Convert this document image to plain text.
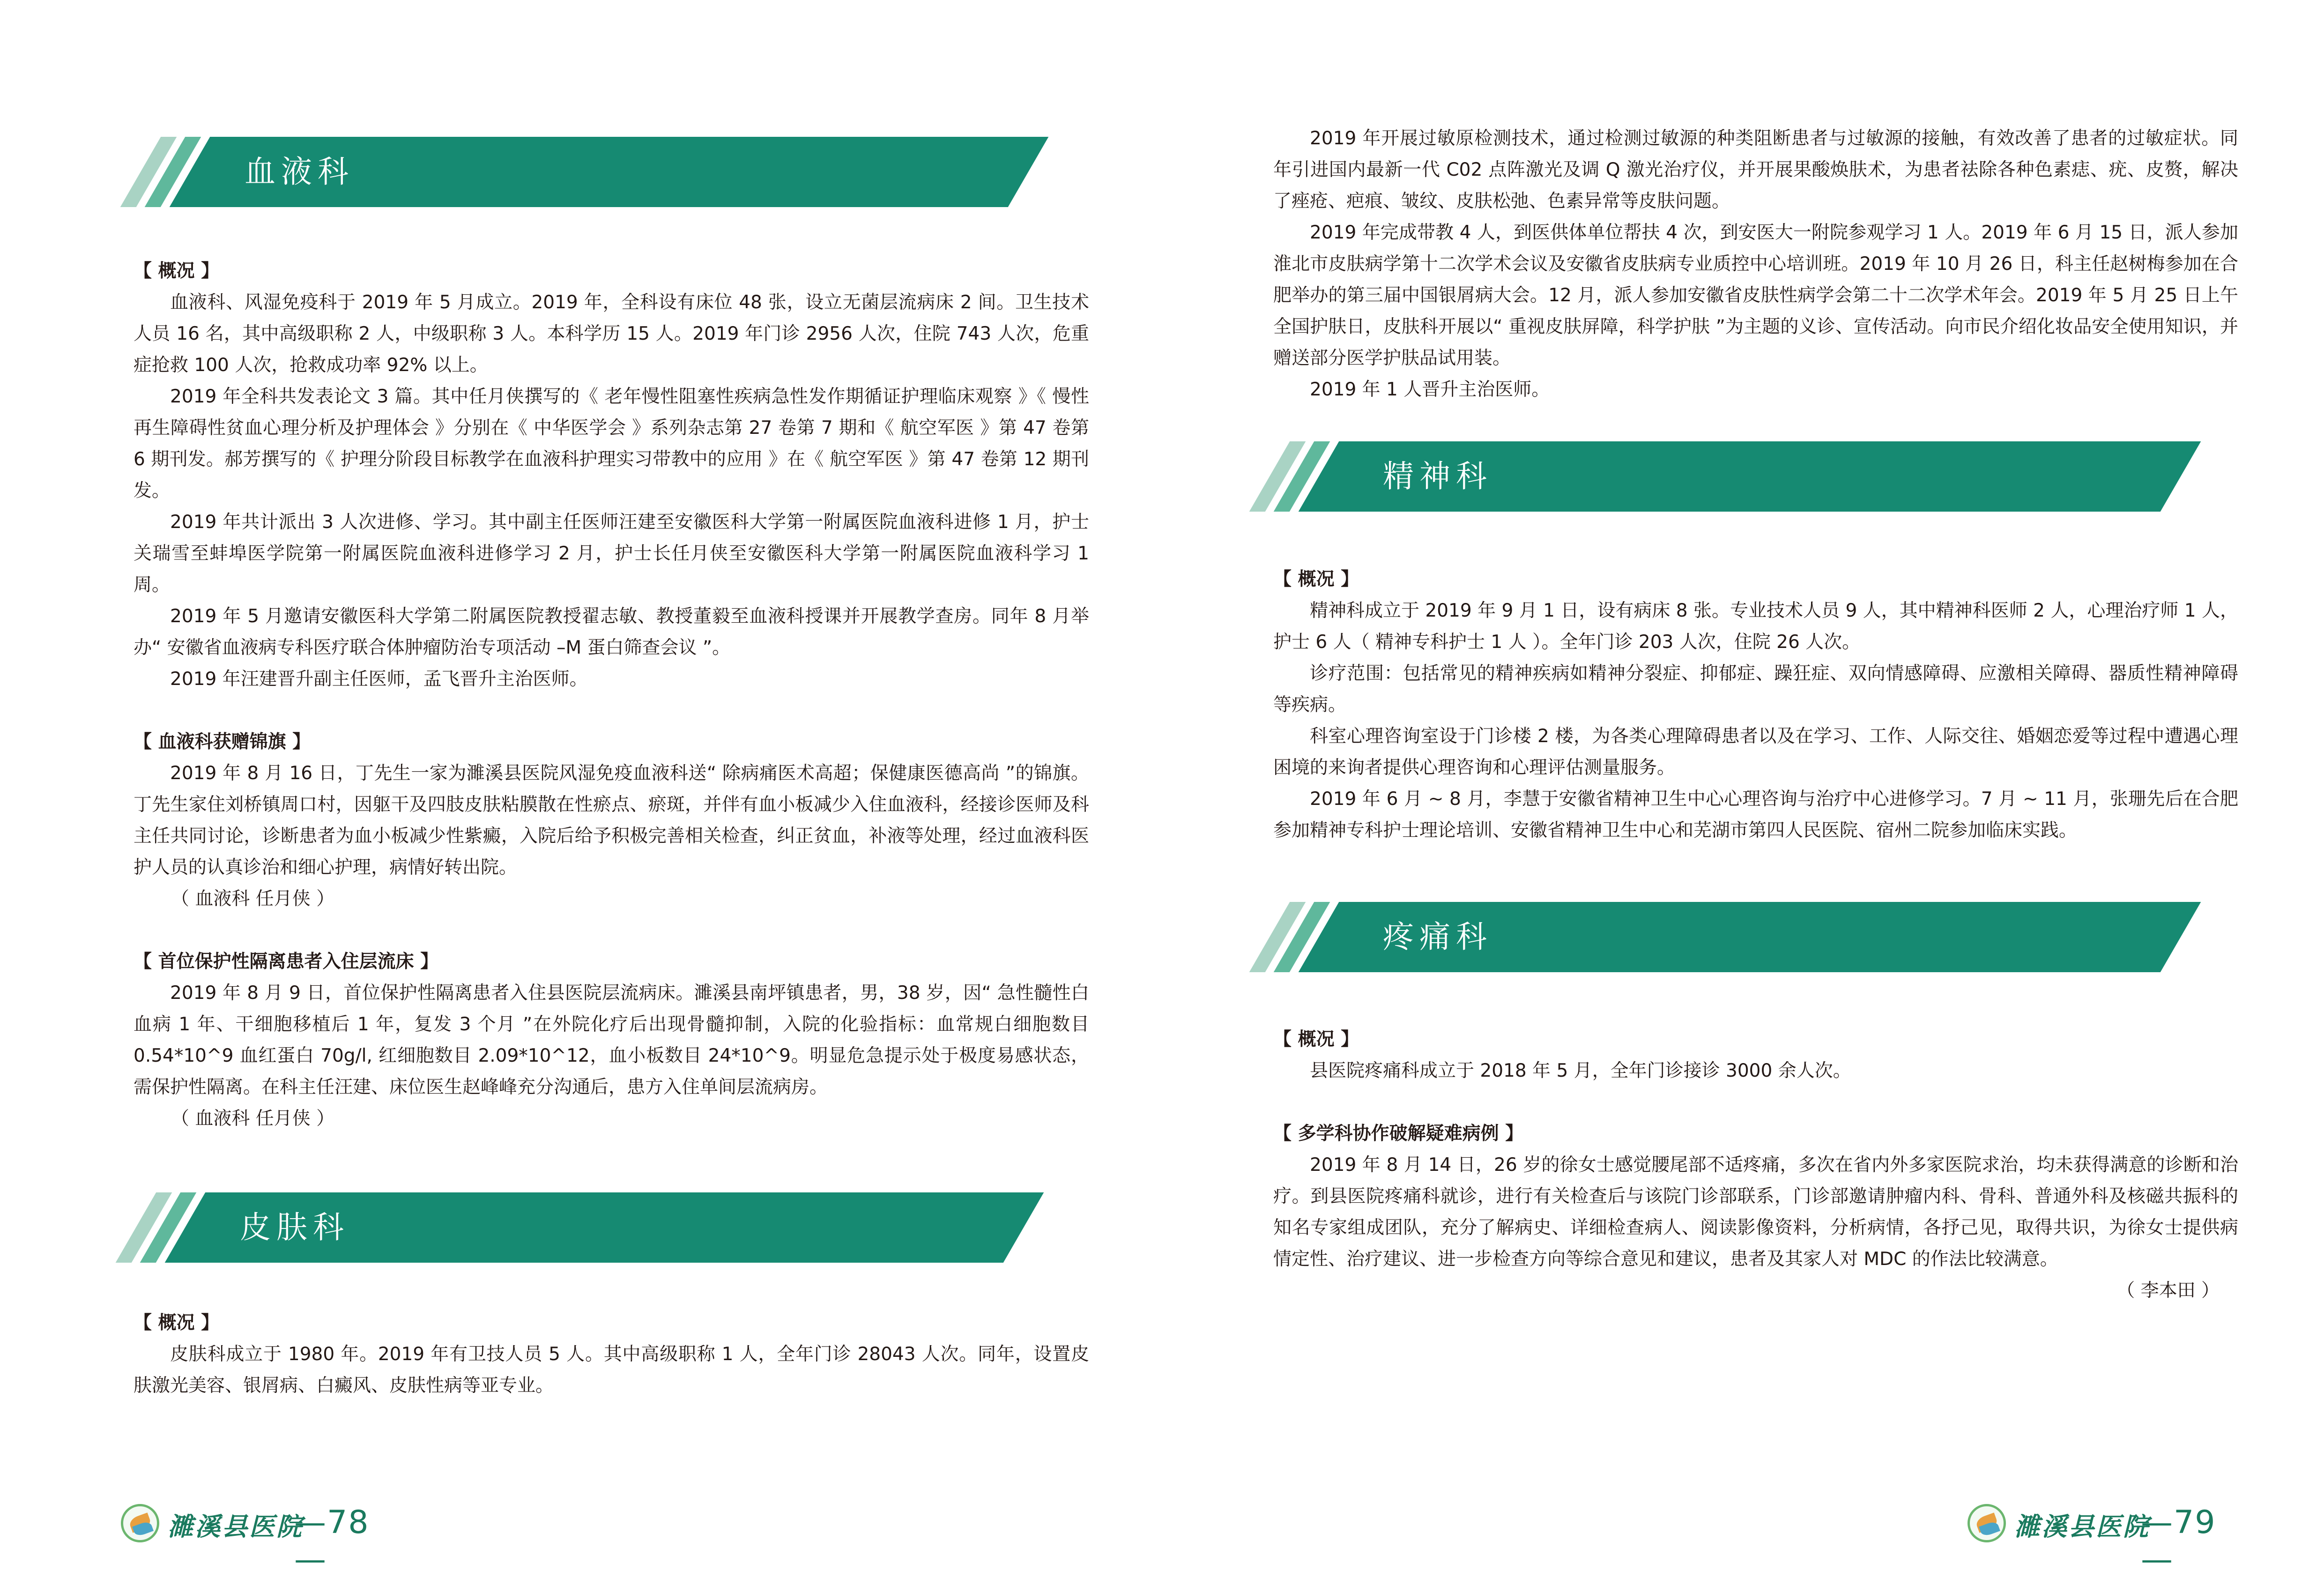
血液科

【 概况 】

血液科、风湿免疫科于 2019 年 5 月成立。2019 年，全科设有床位 48 张，设立无菌层流病床 2 间。卫生技术人员 16 名，其中高级职称 2 人，中级职称 3 人。本科学历 15 人。2019 年门诊 2956 人次，住院 743 人次，危重症抢救 100 人次，抢救成功率 92% 以上。

2019 年全科共发表论文 3 篇。其中任月侠撰写的《 老年慢性阻塞性疾病急性发作期循证护理临床观察 》《 慢性再生障碍性贫血心理分析及护理体会 》分别在《 中华医学会 》系列杂志第 27 卷第 7 期和《 航空军医 》第 47 卷第 6 期刊发。郝芳撰写的《 护理分阶段目标教学在血液科护理实习带教中的应用 》在《 航空军医 》第 47 卷第 12 期刊发。

2019 年共计派出 3 人次进修、学习。其中副主任医师汪建至安徽医科大学第一附属医院血液科进修 1 月，护士关瑞雪至蚌埠医学院第一附属医院血液科进修学习 2 月，护士长任月侠至安徽医科大学第一附属医院血液科学习 1 周。

2019 年 5 月邀请安徽医科大学第二附属医院教授翟志敏、教授董毅至血液科授课并开展教学查房。同年 8 月举办“ 安徽省血液病专科医疗联合体肿瘤防治专项活动 –M 蛋白筛查会议 ”。

2019 年汪建晋升副主任医师，孟飞晋升主治医师。

【 血液科获赠锦旗 】

2019 年 8 月 16 日，丁先生一家为濉溪县医院风湿免疫血液科送“ 除病痛医术高超；保健康医德高尚 ”的锦旗。丁先生家住刘桥镇周口村，因躯干及四肢皮肤粘膜散在性瘀点、瘀斑，并伴有血小板减少入住血液科，经接诊医师及科主任共同讨论，诊断患者为血小板减少性紫癜，入院后给予积极完善相关检查，纠正贫血，补液等处理，经过血液科医护人员的认真诊治和细心护理，病情好转出院。

（ 血液科 任月侠 ）

【 首位保护性隔离患者入住层流床 】

2019 年 8 月 9 日，首位保护性隔离患者入住县医院层流病床。濉溪县南坪镇患者，男，38 岁，因“ 急性髓性白血病 1 年、干细胞移植后 1 年，复发 3 个月 ”在外院化疗后出现骨髓抑制，入院的化验指标：血常规白细胞数目 0.54*10^9 血红蛋白 70g/l, 红细胞数目 2.09*10^12，血小板数目 24*10^9。明显危急提示处于极度易感状态，需保护性隔离。在科主任汪建、床位医生赵峰峰充分沟通后，患方入住单间层流病房。

（ 血液科 任月侠 ）

皮肤科

【 概况 】

皮肤科成立于 1980 年。2019 年有卫技人员 5 人。其中高级职称 1 人，全年门诊 28043 人次。同年，设置皮肤激光美容、银屑病、白癜风、皮肤性病等亚专业。

濉溪县医院
—78—

2019 年开展过敏原检测技术，通过检测过敏源的种类阻断患者与过敏源的接触，有效改善了患者的过敏症状。同年引进国内最新一代 C02 点阵激光及调 Q 激光治疗仪，并开展果酸焕肤术，为患者祛除各种色素痣、疣、皮赘，解决了痤疮、疤痕、皱纹、皮肤松弛、色素异常等皮肤问题。

2019 年完成带教 4 人，到医供体单位帮扶 4 次，到安医大一附院参观学习 1 人。2019 年 6 月 15 日，派人参加淮北市皮肤病学第十二次学术会议及安徽省皮肤病专业质控中心培训班。2019 年 10 月 26 日，科主任赵树梅参加在合肥举办的第三届中国银屑病大会。12 月，派人参加安徽省皮肤性病学会第二十二次学术年会。2019 年 5 月 25 日上午全国护肤日，皮肤科开展以“ 重视皮肤屏障，科学护肤 ”为主题的义诊、宣传活动。向市民介绍化妆品安全使用知识，并赠送部分医学护肤品试用装。

2019 年 1 人晋升主治医师。

精神科

【 概况 】

精神科成立于 2019 年 9 月 1 日，设有病床 8 张。专业技术人员 9 人，其中精神科医师 2 人，心理治疗师 1 人，护士 6 人（ 精神专科护士 1 人 ）。全年门诊 203 人次，住院 26 人次。

诊疗范围：包括常见的精神疾病如精神分裂症、抑郁症、躁狂症、双向情感障碍、应激相关障碍、器质性精神障碍等疾病。

科室心理咨询室设于门诊楼 2 楼，为各类心理障碍患者以及在学习、工作、人际交往、婚姻恋爱等过程中遭遇心理困境的来询者提供心理咨询和心理评估测量服务。

2019 年 6 月 ~ 8 月，李慧于安徽省精神卫生中心心理咨询与治疗中心进修学习。7 月 ~ 11 月，张珊先后在合肥参加精神专科护士理论培训、安徽省精神卫生中心和芜湖市第四人民医院、宿州二院参加临床实践。

疼痛科

【 概况 】

县医院疼痛科成立于 2018 年 5 月，全年门诊接诊 3000 余人次。

【 多学科协作破解疑难病例 】

2019 年 8 月 14 日，26 岁的徐女士感觉腰尾部不适疼痛，多次在省内外多家医院求治，均未获得满意的诊断和治疗。到县医院疼痛科就诊，进行有关检查后与该院门诊部联系，门诊部邀请肿瘤内科、骨科、普通外科及核磁共振科的知名专家组成团队，充分了解病史、详细检查病人、阅读影像资料，分析病情，各抒己见，取得共识，为徐女士提供病情定性、治疗建议、进一步检查方向等综合意见和建议，患者及其家人对 MDC 的作法比较满意。

（ 李本田 ）

濉溪县医院
—79—
